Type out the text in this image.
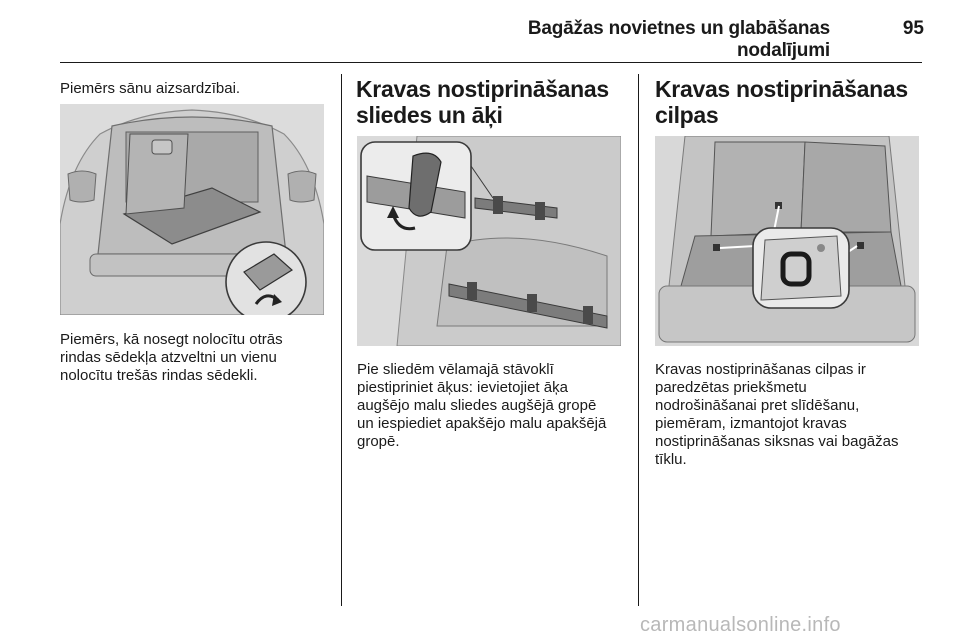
Bagāžas novietnes un glabāšanas nodalījumi
95
Piemērs sānu aizsardzībai.
Piemērs, kā nosegt nolocītu otrās
rindas sēdekļa atzveltni un vienu
nolocītu trešās rindas sēdekli.
Kravas nostiprināšanas
sliedes un āķi
Pie sliedēm vēlamajā stāvoklī
piestipriniet āķus: ievietojiet āķa
augšējo malu sliedes augšējā gropē
un iespiediet apakšējo malu apakšējā
gropē.
Kravas nostiprināšanas
cilpas
Kravas nostiprināšanas cilpas ir
paredzētas priekšmetu
nodrošināšanai pret slīdēšanu,
piemēram, izmantojot kravas
nostiprināšanas siksnas vai bagāžas
tīklu.
carmanualsonline.info
